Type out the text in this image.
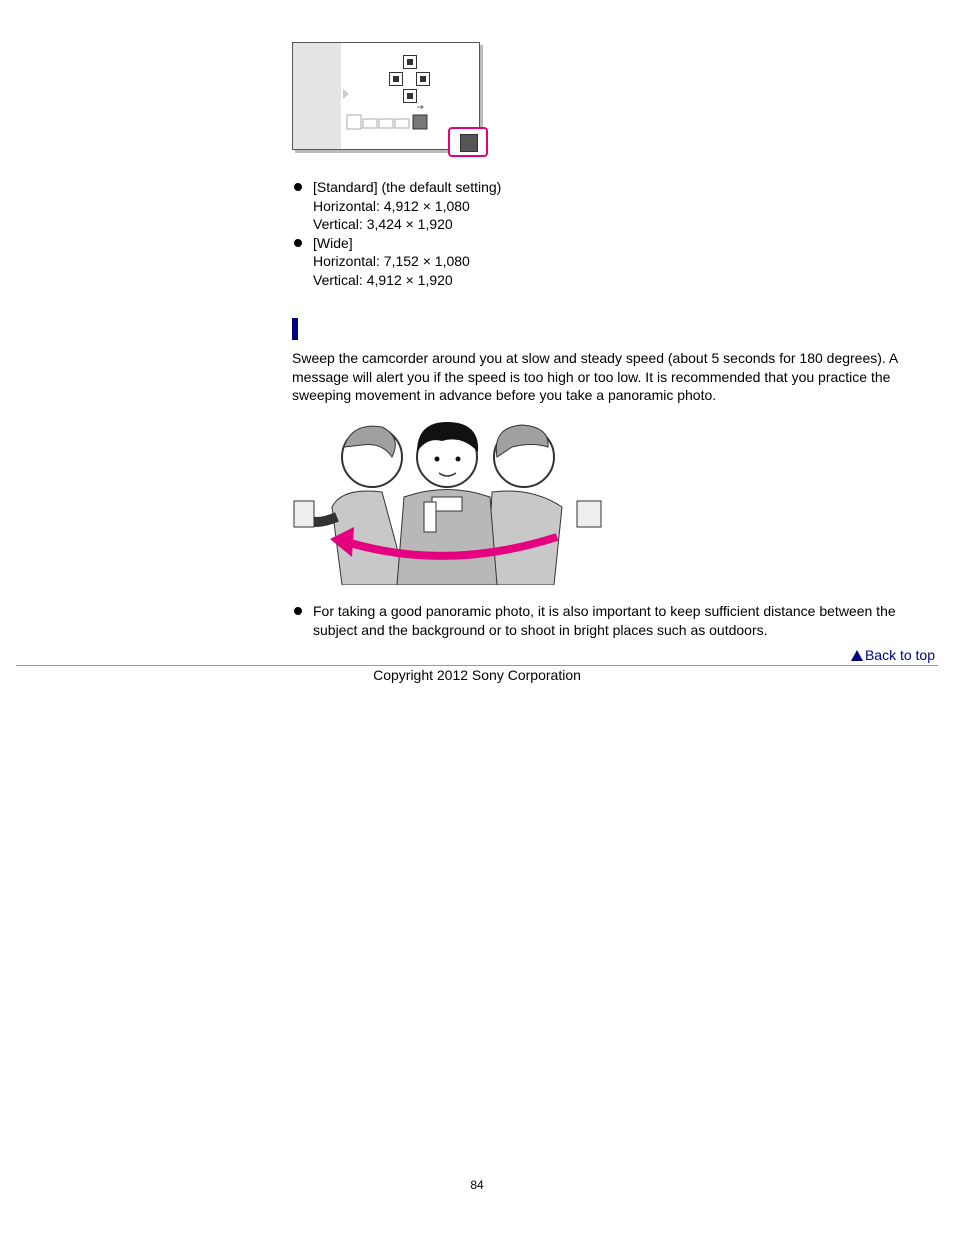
[Standard] (the default setting)
Horizontal: 4,912 × 1,080
Vertical: 3,424 × 1,920
[Wide]
Horizontal: 7,152 × 1,080
Vertical: 4,912 × 1,920

Sweep the camcorder around you at slow and steady speed (about 5 seconds for 180 degrees). A message will alert you if the speed is too high or too low. It is recommended that you practice the sweeping movement in advance before you take a panoramic photo.

For taking a good panoramic photo, it is also important to keep sufficient distance between the subject and the background or to shoot in bright places such as outdoors.
Back to top
Copyright 2012 Sony Corporation
84
